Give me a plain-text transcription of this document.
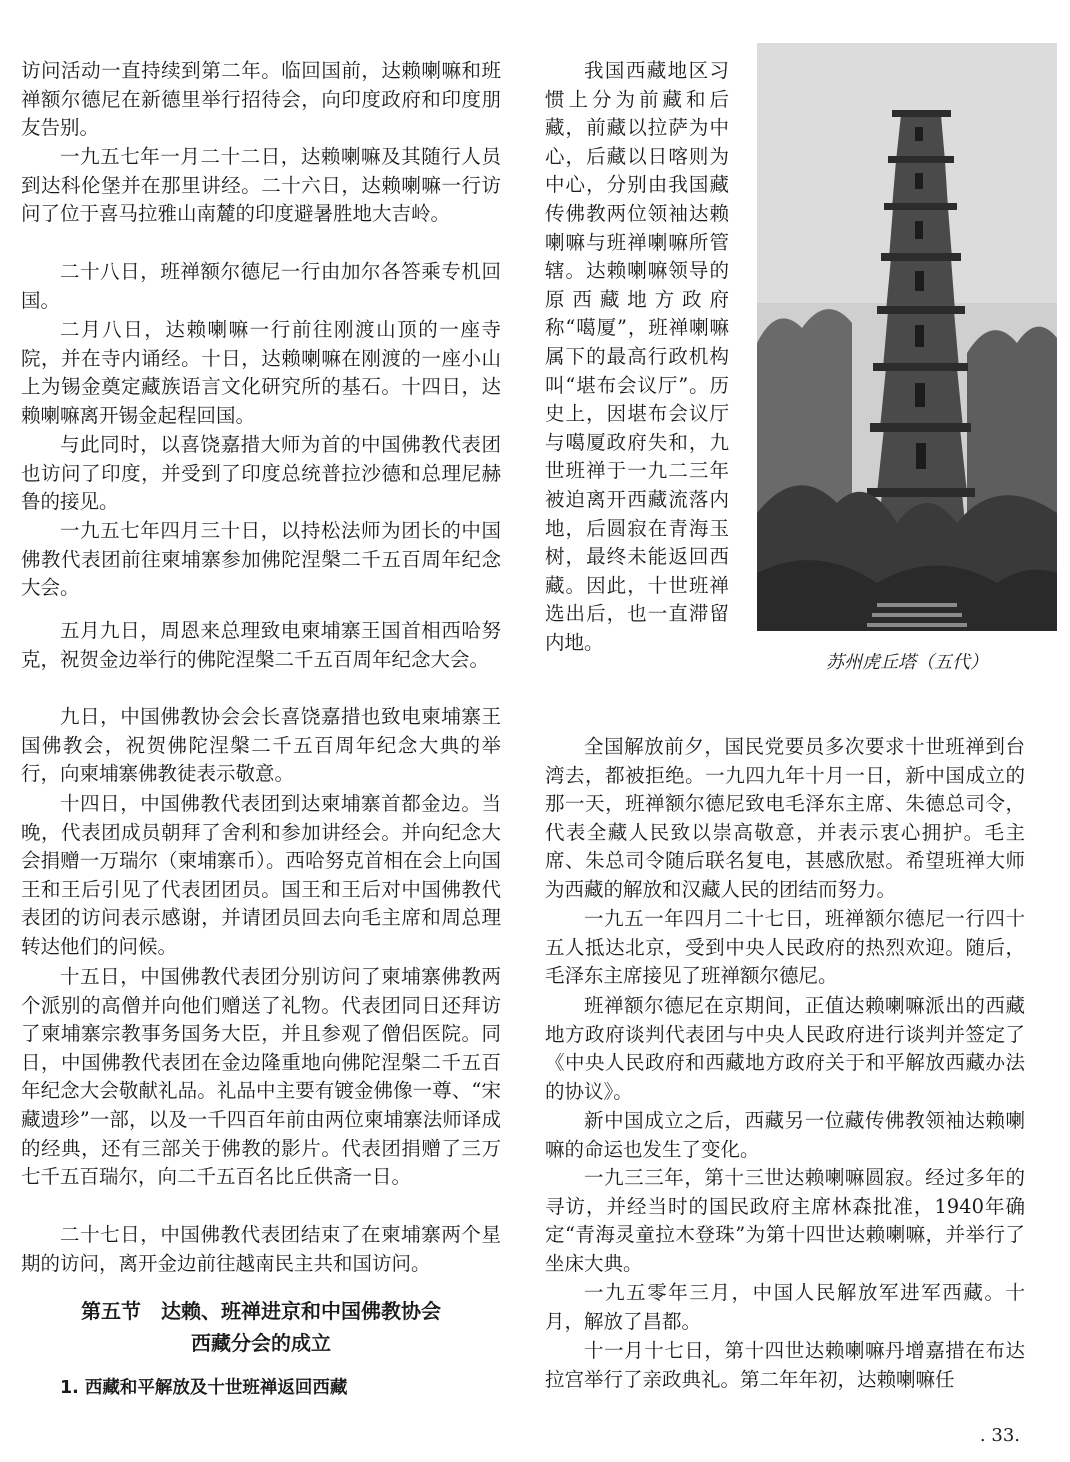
访问活动一直持续到第二年。临回国前，达赖喇嘛和班禅额尔德尼在新德里举行招待会，向印度政府和印度朋友告别。

一九五七年一月二十二日，达赖喇嘛及其随行人员到达科伦堡并在那里讲经。二十六日，达赖喇嘛一行访问了位于喜马拉雅山南麓的印度避暑胜地大吉岭。

二十八日，班禅额尔德尼一行由加尔各答乘专机回国。

二月八日，达赖喇嘛一行前往刚渡山顶的一座寺院，并在寺内诵经。十日，达赖喇嘛在刚渡的一座小山上为锡金奠定藏族语言文化研究所的基石。十四日，达赖喇嘛离开锡金起程回国。

与此同时，以喜饶嘉措大师为首的中国佛教代表团也访问了印度，并受到了印度总统普拉沙德和总理尼赫鲁的接见。

一九五七年四月三十日，以持松法师为团长的中国佛教代表团前往柬埔寨参加佛陀涅槃二千五百周年纪念大会。

五月九日，周恩来总理致电柬埔寨王国首相西哈努克，祝贺金边举行的佛陀涅槃二千五百周年纪念大会。

九日，中国佛教协会会长喜饶嘉措也致电柬埔寨王国佛教会，祝贺佛陀涅槃二千五百周年纪念大典的举行，向柬埔寨佛教徒表示敬意。

十四日，中国佛教代表团到达柬埔寨首都金边。当晚，代表团成员朝拜了舍利和参加讲经会。并向纪念大会捐赠一万瑞尔（柬埔寨币）。西哈努克首相在会上向国王和王后引见了代表团团员。国王和王后对中国佛教代表团的访问表示感谢，并请团员回去向毛主席和周总理转达他们的问候。

十五日，中国佛教代表团分别访问了柬埔寨佛教两个派别的高僧并向他们赠送了礼物。代表团同日还拜访了柬埔寨宗教事务国务大臣，并且参观了僧侣医院。同日，中国佛教代表团在金边隆重地向佛陀涅槃二千五百年纪念大会敬献礼品。礼品中主要有镀金佛像一尊、“宋藏遗珍”一部，以及一千四百年前由两位柬埔寨法师译成的经典，还有三部关于佛教的影片。代表团捐赠了三万七千五百瑞尔，向二千五百名比丘供斋一日。

二十七日，中国佛教代表团结束了在柬埔寨两个星期的访问，离开金边前往越南民主共和国访问。

第五节　达赖、班禅进京和中国佛教协会
西藏分会的成立
1. 西藏和平解放及十世班禅返回西藏

我国西藏地区习惯上分为前藏和后藏，前藏以拉萨为中心，后藏以日喀则为中心，分别由我国藏传佛教两位领袖达赖喇嘛与班禅喇嘛所管辖。达赖喇嘛领导的原西藏地方政府称“噶厦”，班禅喇嘛属下的最高行政机构叫“堪布会议厅”。历史上，因堪布会议厅与噶厦政府失和，九世班禅于一九二三年被迫离开西藏流落内地，后圆寂在青海玉树，最终未能返回西藏。因此，十世班禅选出后，也一直滞留内地。

苏州虎丘塔（五代）

全国解放前夕，国民党要员多次要求十世班禅到台湾去，都被拒绝。一九四九年十月一日，新中国成立的那一天，班禅额尔德尼致电毛泽东主席、朱德总司令，代表全藏人民致以崇高敬意，并表示衷心拥护。毛主席、朱总司令随后联名复电，甚感欣慰。希望班禅大师为西藏的解放和汉藏人民的团结而努力。

一九五一年四月二十七日，班禅额尔德尼一行四十五人抵达北京，受到中央人民政府的热烈欢迎。随后，毛泽东主席接见了班禅额尔德尼。

班禅额尔德尼在京期间，正值达赖喇嘛派出的西藏地方政府谈判代表团与中央人民政府进行谈判并签定了《中央人民政府和西藏地方政府关于和平解放西藏办法的协议》。

新中国成立之后，西藏另一位藏传佛教领袖达赖喇嘛的命运也发生了变化。

一九三三年，第十三世达赖喇嘛圆寂。经过多年的寻访，并经当时的国民政府主席林森批准，1940年确定“青海灵童拉木登珠”为第十四世达赖喇嘛，并举行了坐床大典。

一九五零年三月，中国人民解放军进军西藏。十月，解放了昌都。

十一月十七日，第十四世达赖喇嘛丹增嘉措在布达拉宫举行了亲政典礼。第二年年初，达赖喇嘛任

. 33.
